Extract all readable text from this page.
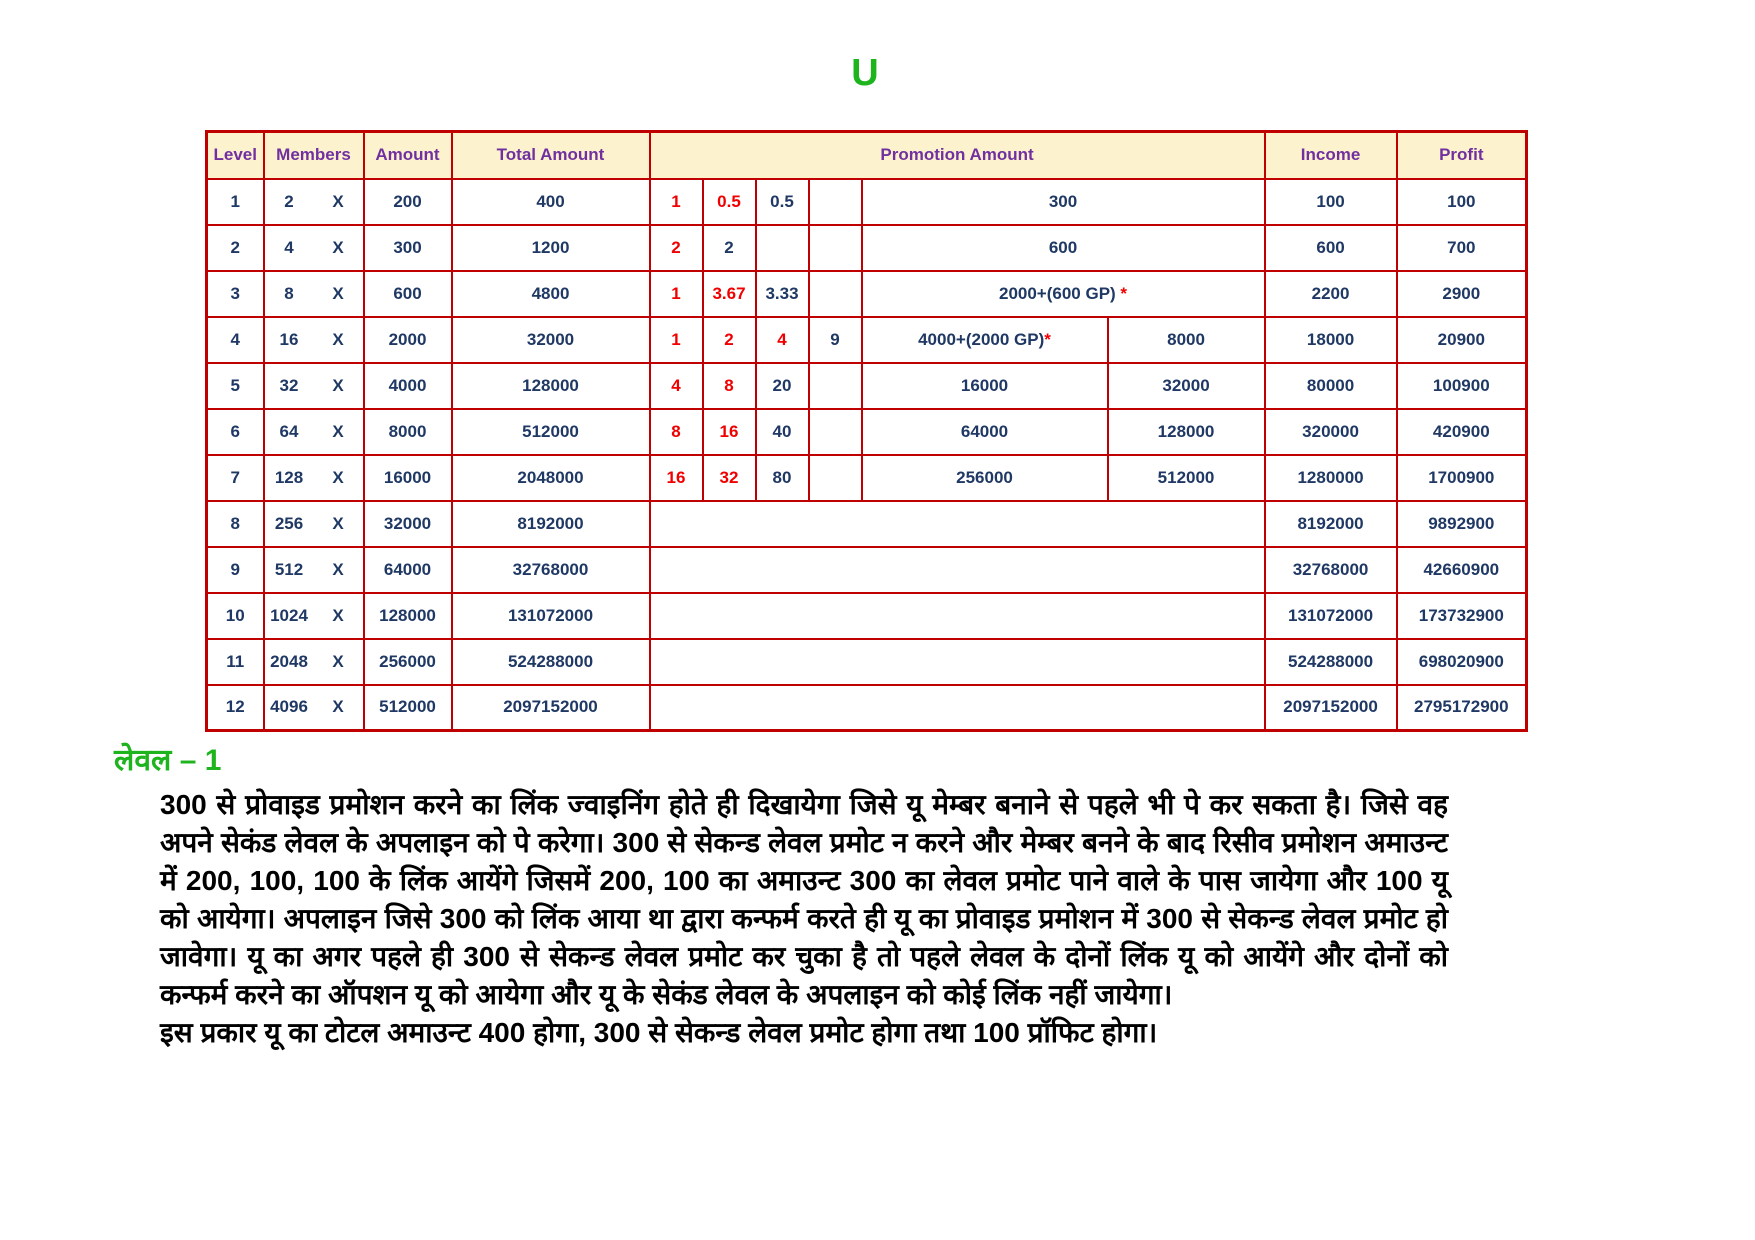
U
Level	Members	Amount	Total Amount	Promotion Amount						Income	Profit
1	2 X	200	400	1	0.5	0.5		300		100	100
2	4 X	300	1200	2	2			600		600	700
3	8 X	600	4800	1	3.67	3.33		2000+(600 GP) *		2200	2900
4	16 X	2000	32000	1	2	4	9	4000+(2000 GP)*	8000	18000	20900
5	32 X	4000	128000	4	8	20		16000	32000	80000	100900
6	64 X	8000	512000	8	16	40		64000	128000	320000	420900
7	128 X	16000	2048000	16	32	80		256000	512000	1280000	1700900
8	256 X	32000	8192000							8192000	9892900
9	512 X	64000	32768000							32768000	42660900
10	1024 X	128000	131072000							131072000	173732900
11	2048 X	256000	524288000							524288000	698020900
12	4096 X	512000	2097152000							2097152000	2795172900
लेवल – 1

300 से प्रोवाइड प्रमोशन करने का लिंक ज्वाइनिंग होते ही दिखायेगा जिसे यू मेम्बर बनाने से पहले भी पे कर सकता है। जिसे वह अपने सेकंड लेवल के अपलाइन को पे करेगा। 300 से सेकन्ड लेवल प्रमोट न करने और मेम्बर बनने के बाद रिसीव प्रमोशन अमाउन्ट में 200, 100, 100 के लिंक आयेंगे जिसमें 200, 100 का अमाउन्ट 300 का लेवल प्रमोट पाने वाले के पास जायेगा और 100 यू को आयेगा। अपलाइन जिसे 300 को लिंक आया था द्वारा कन्फर्म करते ही यू का प्रोवाइड प्रमोशन में 300 से सेकन्ड लेवल प्रमोट हो जावेगा। यू का अगर पहले ही 300 से सेकन्ड लेवल प्रमोट कर चुका है तो पहले लेवल के दोनों लिंक यू को आयेंगे और दोनों को कन्फर्म करने का ऑपशन यू को आयेगा और यू के सेकंड लेवल के अपलाइन को कोई लिंक नहीं जायेगा।

इस प्रकार यू का टोटल अमाउन्ट 400 होगा, 300 से सेकन्ड लेवल प्रमोट होगा तथा 100 प्रॉफिट होगा।
